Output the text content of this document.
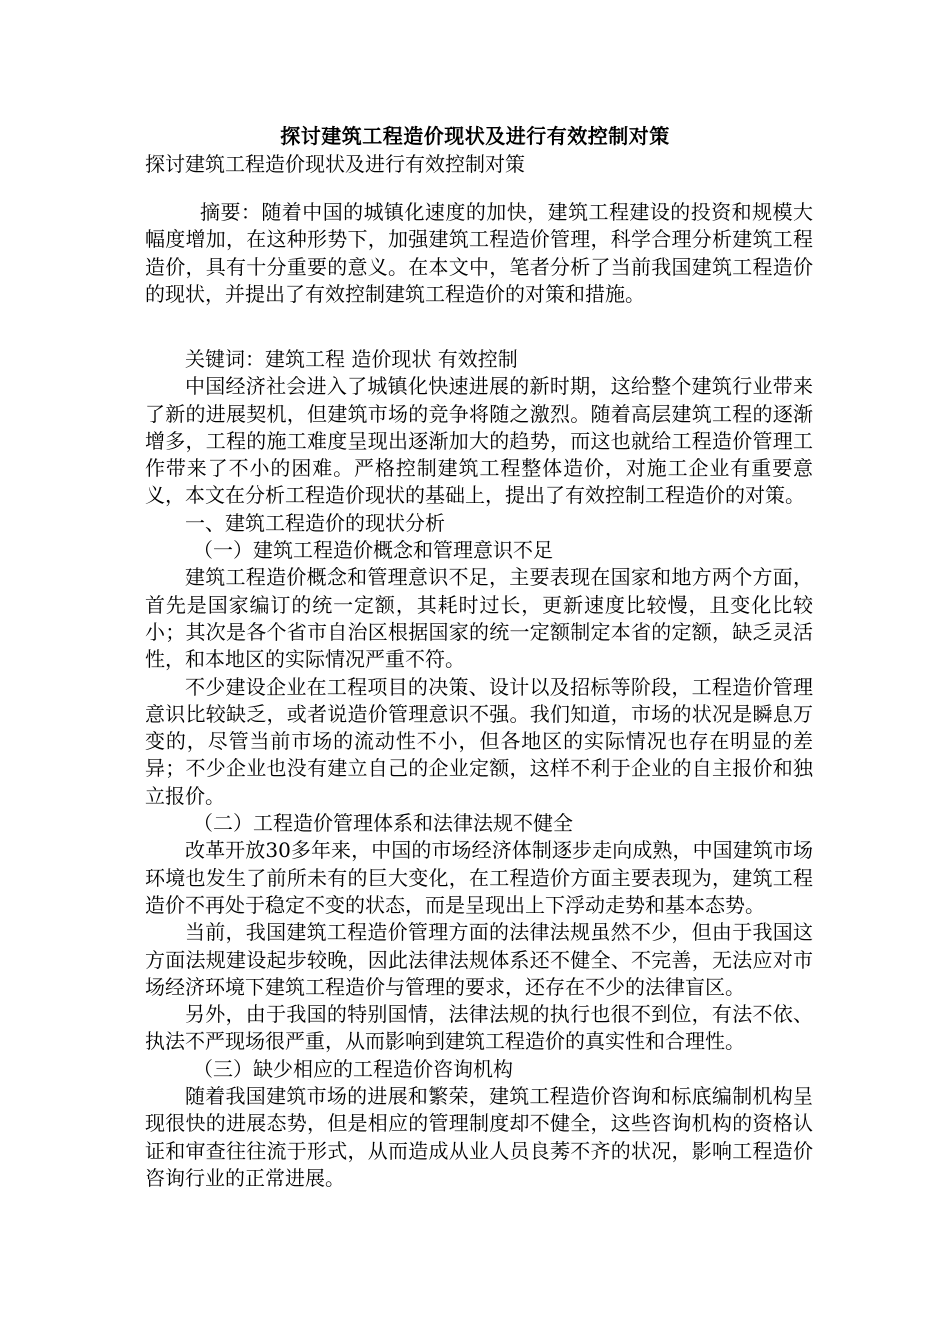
探讨建筑工程造价现状及进行有效控制对策
探讨建筑工程造价现状及进行有效控制对策

摘要：随着中国的城镇化速度的加快，建筑工程建设的投资和规模大幅度增加，在这种形势下，加强建筑工程造价管理，科学合理分析建筑工程造价，具有十分重要的意义。在本文中，笔者分析了当前我国建筑工程造价的现状，并提出了有效控制建筑工程造价的对策和措施。

关键词：建筑工程 造价现状 有效控制

中国经济社会进入了城镇化快速进展的新时期，这给整个建筑行业带来了新的进展契机，但建筑市场的竞争将随之激烈。随着高层建筑工程的逐渐增多，工程的施工难度呈现出逐渐加大的趋势，而这也就给工程造价管理工作带来了不小的困难。严格控制建筑工程整体造价，对施工企业有重要意义，本文在分析工程造价现状的基础上，提出了有效控制工程造价的对策。

一、建筑工程造价的现状分析

（一）建筑工程造价概念和管理意识不足

建筑工程造价概念和管理意识不足，主要表现在国家和地方两个方面，首先是国家编订的统一定额，其耗时过长，更新速度比较慢，且变化比较小；其次是各个省市自治区根据国家的统一定额制定本省的定额，缺乏灵活性，和本地区的实际情况严重不符。

不少建设企业在工程项目的决策、设计以及招标等阶段，工程造价管理意识比较缺乏，或者说造价管理意识不强。我们知道，市场的状况是瞬息万变的，尽管当前市场的流动性不小，但各地区的实际情况也存在明显的差异；不少企业也没有建立自己的企业定额，这样不利于企业的自主报价和独立报价。

（二）工程造价管理体系和法律法规不健全

改革开放30多年来，中国的市场经济体制逐步走向成熟，中国建筑市场环境也发生了前所未有的巨大变化，在工程造价方面主要表现为，建筑工程造价不再处于稳定不变的状态，而是呈现出上下浮动走势和基本态势。

当前，我国建筑工程造价管理方面的法律法规虽然不少，但由于我国这方面法规建设起步较晚，因此法律法规体系还不健全、不完善，无法应对市场经济环境下建筑工程造价与管理的要求，还存在不少的法律盲区。

另外，由于我国的特别国情，法律法规的执行也很不到位，有法不依、执法不严现场很严重，从而影响到建筑工程造价的真实性和合理性。

（三）缺少相应的工程造价咨询机构

随着我国建筑市场的进展和繁荣，建筑工程造价咨询和标底编制机构呈现很快的进展态势，但是相应的管理制度却不健全，这些咨询机构的资格认证和审查往往流于形式，从而造成从业人员良莠不齐的状况，影响工程造价咨询行业的正常进展。
